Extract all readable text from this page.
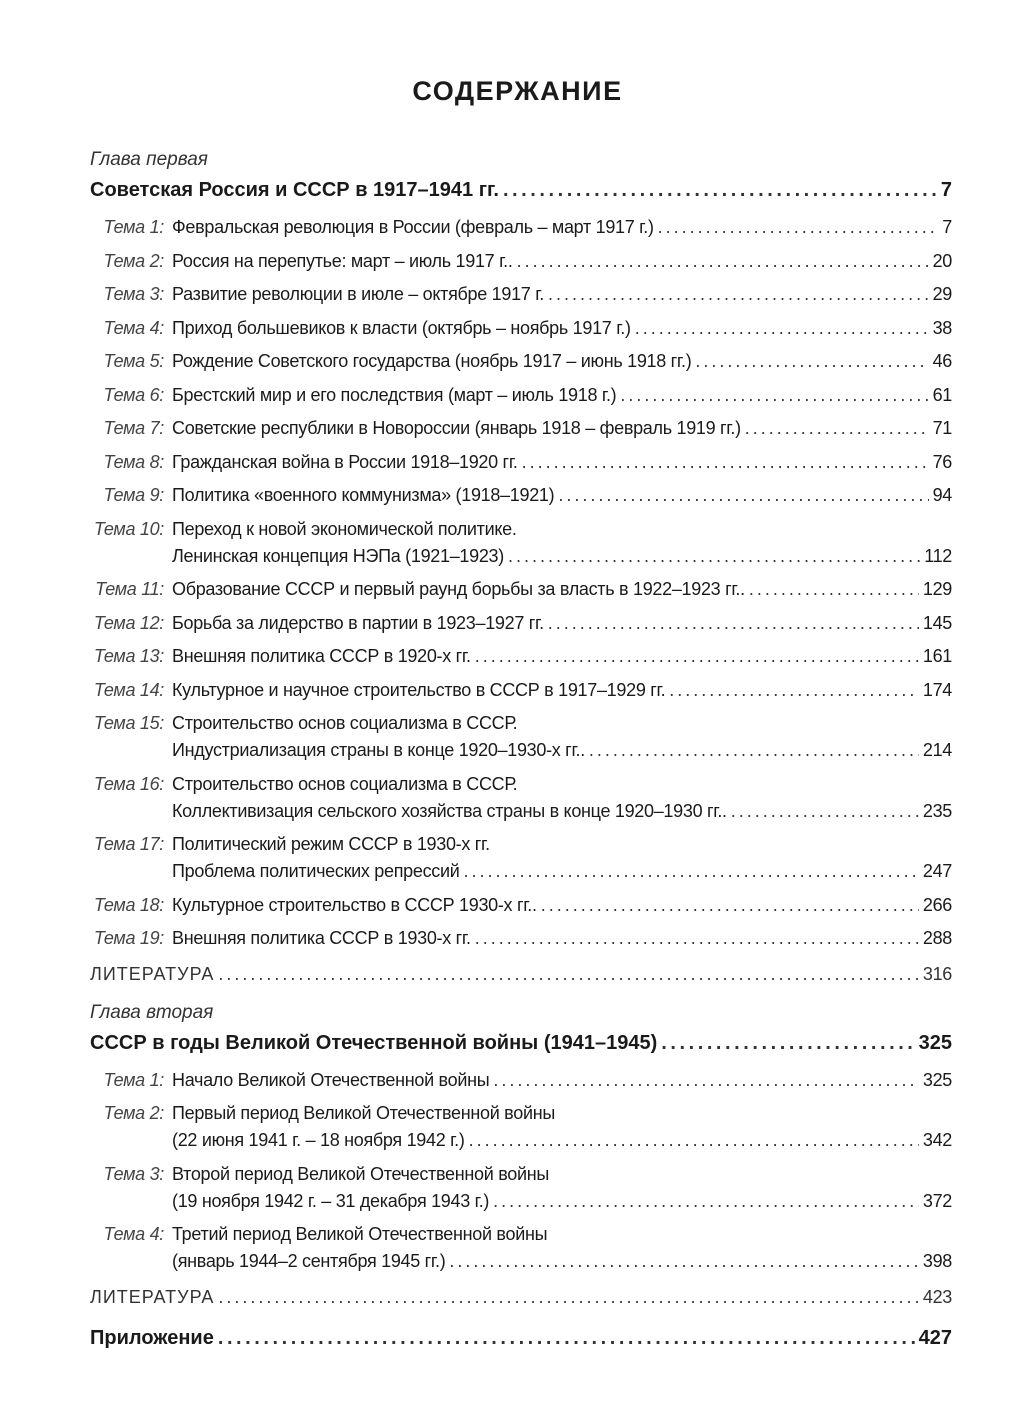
СОДЕРЖАНИЕ
Глава первая
Советская Россия и СССР в 1917–1941 гг. . . .	7
Тема 1: Февральская революция в России (февраль – март 1917 г.) . . .	7
Тема 2: Россия на перепутье: март – июль 1917 г.. . . .	20
Тема 3: Развитие революции в июле – октябре 1917 г. . . .	29
Тема 4: Приход большевиков к власти (октябрь – ноябрь 1917 г.) . . .	38
Тема 5: Рождение Советского государства (ноябрь 1917 – июнь 1918 гг.) . . .	46
Тема 6: Брестский мир и его последствия (март – июль 1918 г.) . . .	61
Тема 7: Советские республики в Новороссии (январь 1918 – февраль 1919 гг.) . . .	71
Тема 8: Гражданская война в России 1918–1920 гг. . . .	76
Тема 9: Политика «военного коммунизма» (1918–1921) . . .	94
Тема 10: Переход к новой экономической политике.
Ленинская концепция НЭПа (1921–1923) . . .	112
Тема 11: Образование СССР и первый раунд борьбы за власть в 1922–1923 гг.. . . .	129
Тема 12: Борьба за лидерство в партии в 1923–1927 гг. . . .	145
Тема 13: Внешняя политика СССР в 1920-х гг. . . .	161
Тема 14: Культурное и научное строительство в СССР в 1917–1929 гг. . . .	174
Тема 15: Строительство основ социализма в СССР.
Индустриализация страны в конце 1920–1930-х гг.. . . .	214
Тема 16: Строительство основ социализма в СССР.
Коллективизация сельского хозяйства страны в конце 1920–1930 гг.. . . .	235
Тема 17: Политический режим СССР в 1930-х гг.
Проблема политических репрессий . . .	247
Тема 18: Культурное строительство в СССР 1930-х гг.. . . .	266
Тема 19: Внешняя политика СССР в 1930-х гг. . . .	288
ЛИТЕРАТУРА . . .	316
Глава вторая
СССР в годы Великой Отечественной войны (1941–1945) . . .	325
Тема 1: Начало Великой Отечественной войны . . .	325
Тема 2: Первый период Великой Отечественной войны
(22 июня 1941 г. – 18 ноября 1942 г.) . . .	342
Тема 3: Второй период Великой Отечественной войны
(19 ноября 1942 г. – 31 декабря 1943 г.) . . .	372
Тема 4: Третий период Великой Отечественной войны
(январь 1944–2 сентября 1945 гг.) . . .	398
ЛИТЕРАТУРА . . .	423
Приложение . . .	427
